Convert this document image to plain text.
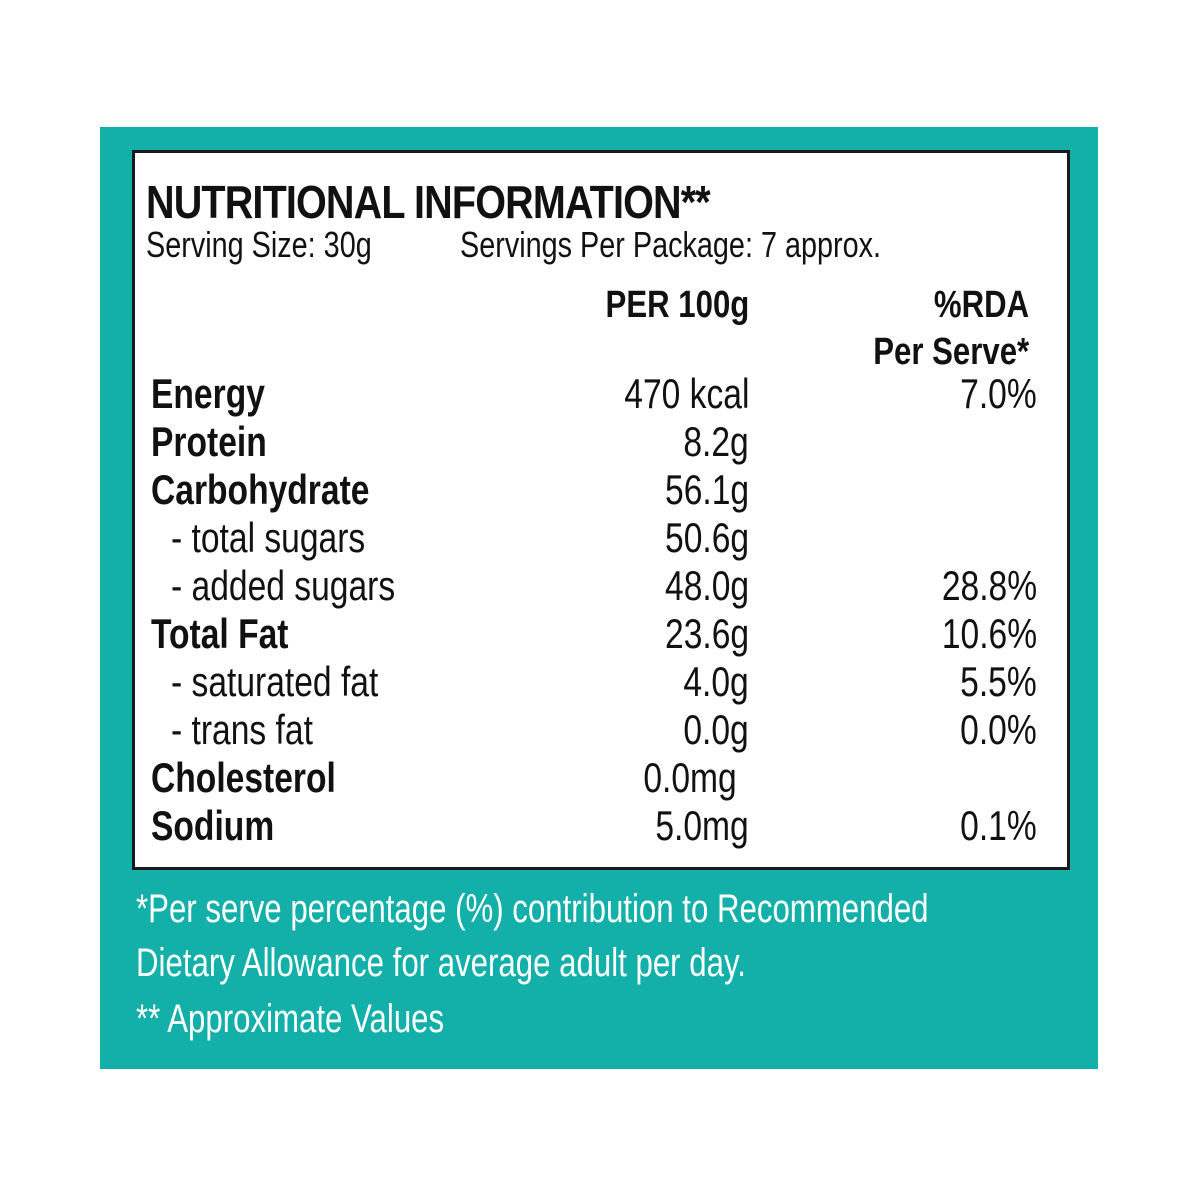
NUTRITIONAL INFORMATION**
Serving Size: 30g Servings Per Package: 7 approx.
PER 100g	%RDA
Per Serve*
Energy	470 kcal	7.0%
Protein	8.2g
Carbohydrate	56.1g
- total sugars	50.6g
- added sugars	48.0g	28.8%
Total Fat	23.6g	10.6%
- saturated fat	4.0g	5.5%
- trans fat	0.0g	0.0%
Cholesterol	0.0mg
Sodium	5.0mg	0.1%
*Per serve percentage (%) contribution to Recommended
Dietary Allowance for average adult per day.
** Approximate Values
